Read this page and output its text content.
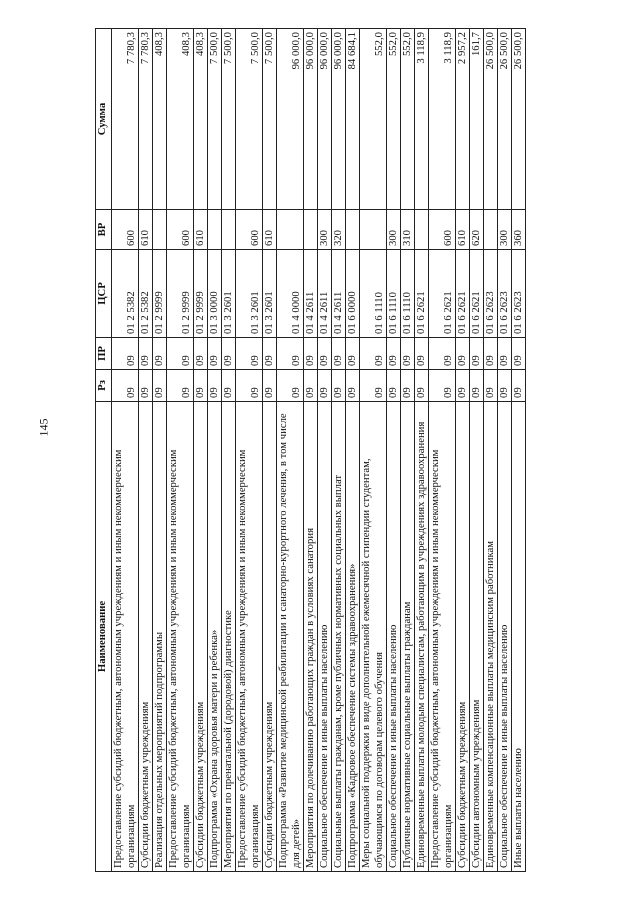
145
Наименование	Рз	ПР	ЦСР	ВР	Сумма
Предоставление субсидий бюджетным, автономным учреждениям и иным некоммерческим организациям	09	09	01 2 5382	600	7 780,3
Субсидии бюджетным учреждениям	09	09	01 2 5382	610	7 780,3
Реализация отдельных мероприятий подпрограммы	09	09	01 2 9999		408,3
Предоставление субсидий бюджетным, автономным учреждениям и иным некоммерческим организациям	09	09	01 2 9999	600	408,3
Субсидии бюджетным учреждениям	09	09	01 2 9999	610	408,3
Подпрограмма «Охрана здоровья матери и ребенка»	09	09	01 3 0000		7 500,0
Мероприятия по пренатальной (дородовой) диагностике	09	09	01 3 2601		7 500,0
Предоставление субсидий бюджетным, автономным учреждениям и иным некоммерческим организациям	09	09	01 3 2601	600	7 500,0
Субсидии бюджетным учреждениям	09	09	01 3 2601	610	7 500,0
Подпрограмма «Развитие медицинской реабилитации и санаторно-курортного лечения, в том числе для детей»	09	09	01 4 0000		96 000,0
Мероприятия по долечиванию работающих граждан в условиях санатория	09	09	01 4 2611		96 000,0
Социальное обеспечение и иные выплаты населению	09	09	01 4 2611	300	96 000,0
Социальные выплаты гражданам, кроме публичных нормативных социальных выплат	09	09	01 4 2611	320	96 000,0
Подпрограмма «Кадровое обеспечение системы здравоохранения»	09	09	01 6 0000		84 684,1
Меры социальной поддержки в виде дополнительной ежемесячной стипендии студентам, обучающимся по договорам целевого обучения	09	09	01 6 1110		552,0
Социальное обеспечение и иные выплаты населению	09	09	01 6 1110	300	552,0
Публичные нормативные социальные выплаты гражданам	09	09	01 6 1110	310	552,0
Единовременные выплаты молодым специалистам, работающим в учреждениях здравоохранения	09	09	01 6 2621		3 118,9
Предоставление субсидий бюджетным, автономным учреждениям и иным некоммерческим организациям	09	09	01 6 2621	600	3 118,9
Субсидии бюджетным учреждениям	09	09	01 6 2621	610	2 957,2
Субсидии автономным учреждениям	09	09	01 6 2621	620	161,7
Единовременные компенсационные выплаты медицинским работникам	09	09	01 6 2623		26 500,0
Социальное обеспечение и иные выплаты населению	09	09	01 6 2623	300	26 500,0
Иные выплаты населению	09	09	01 6 2623	360	26 500,0
